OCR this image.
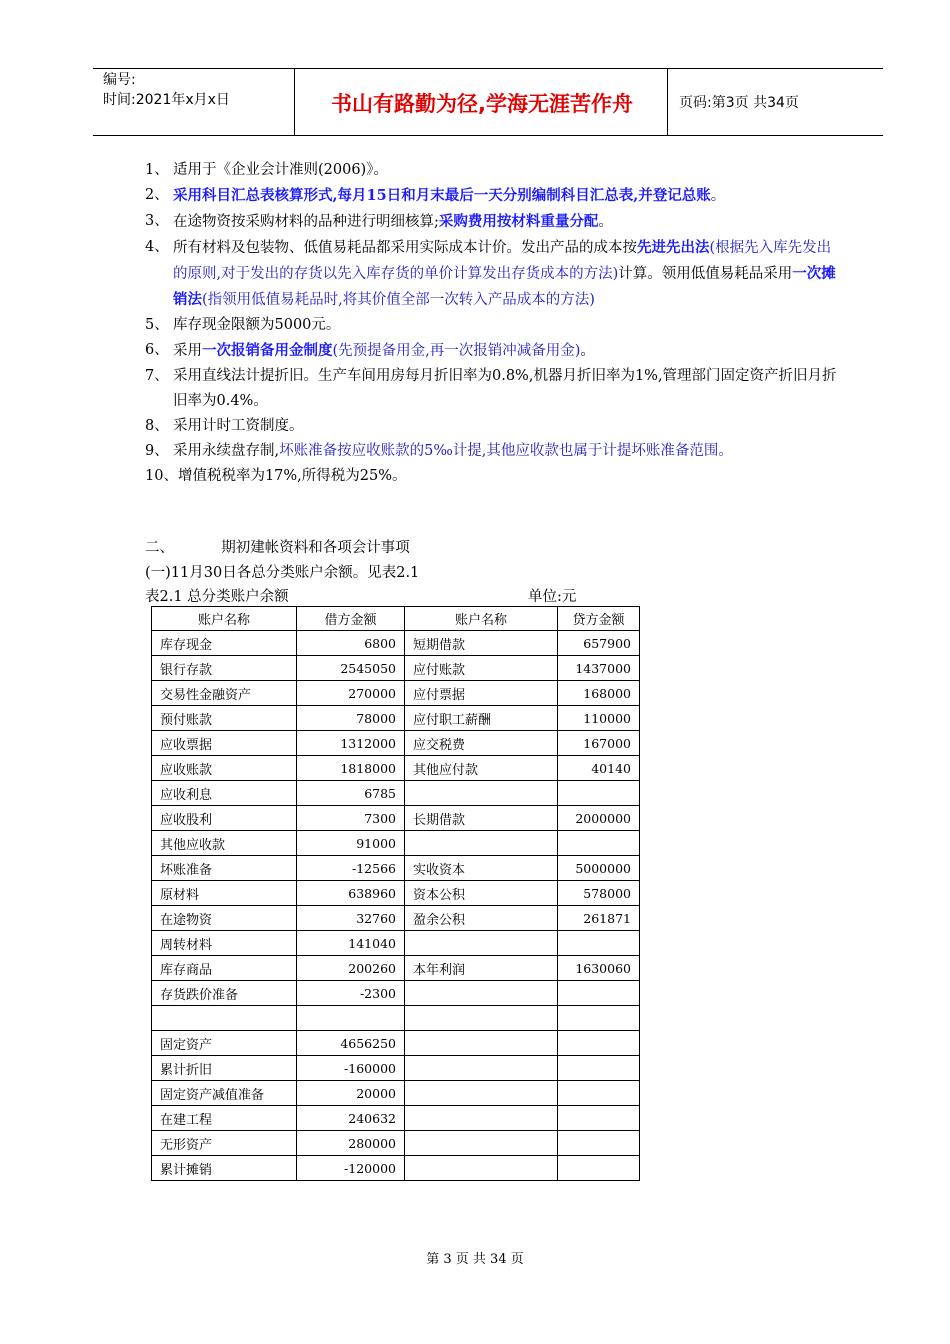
编号:
时间:2021年x月x日	书山有路勤为径,学海无涯苦作舟	页码:第3页 共34页
1、 适用于《企业会计准则(2006)》。
2、 采用科目汇总表核算形式,每月15日和月末最后一天分别编制科目汇总表,并登记总账。
3、 在途物资按采购材料的品种进行明细核算;采购费用按材料重量分配。
4、 所有材料及包装物、低值易耗品都采用实际成本计价。发出产品的成本按先进先出法(根据先入库先发出的原则,对于发出的存货以先入库存货的单价计算发出存货成本的方法)计算。领用低值易耗品采用一次摊销法(指领用低值易耗品时,将其价值全部一次转入产品成本的方法)
5、 库存现金限额为5000元。
6、 采用一次报销备用金制度(先预提备用金,再一次报销冲减备用金)。
7、 采用直线法计提折旧。生产车间用房每月折旧率为0.8%,机器月折旧率为1%,管理部门固定资产折旧月折旧率为0.4%。
8、 采用计时工资制度。
9、 采用永续盘存制,坏账准备按应收账款的5‰计提,其他应收款也属于计提坏账准备范围。
10、 增值税税率为17%,所得税为25%。
二、	期初建帐资料和各项会计事项
(一)11月30日各总分类账户余额。见表2.1
表2.1 总分类账户余额	单位:元
账户名称	借方金额	账户名称	贷方金额
库存现金	6800	短期借款	657900
银行存款	2545050	应付账款	1437000
交易性金融资产	270000	应付票据	168000
预付账款	78000	应付职工薪酬	110000
应收票据	1312000	应交税费	167000
应收账款	1818000	其他应付款	40140
应收利息	6785		
应收股利	7300	长期借款	2000000
其他应收款	91000		
坏账准备	-12566	实收资本	5000000
原材料	638960	资本公积	578000
在途物资	32760	盈余公积	261871
周转材料	141040		
库存商品	200260	本年利润	1630060
存货跌价准备	-2300		

固定资产	4656250		
累计折旧	-160000		
固定资产减值准备	20000		
在建工程	240632		
无形资产	280000		
累计摊销	-120000		
第 3 页 共 34 页
